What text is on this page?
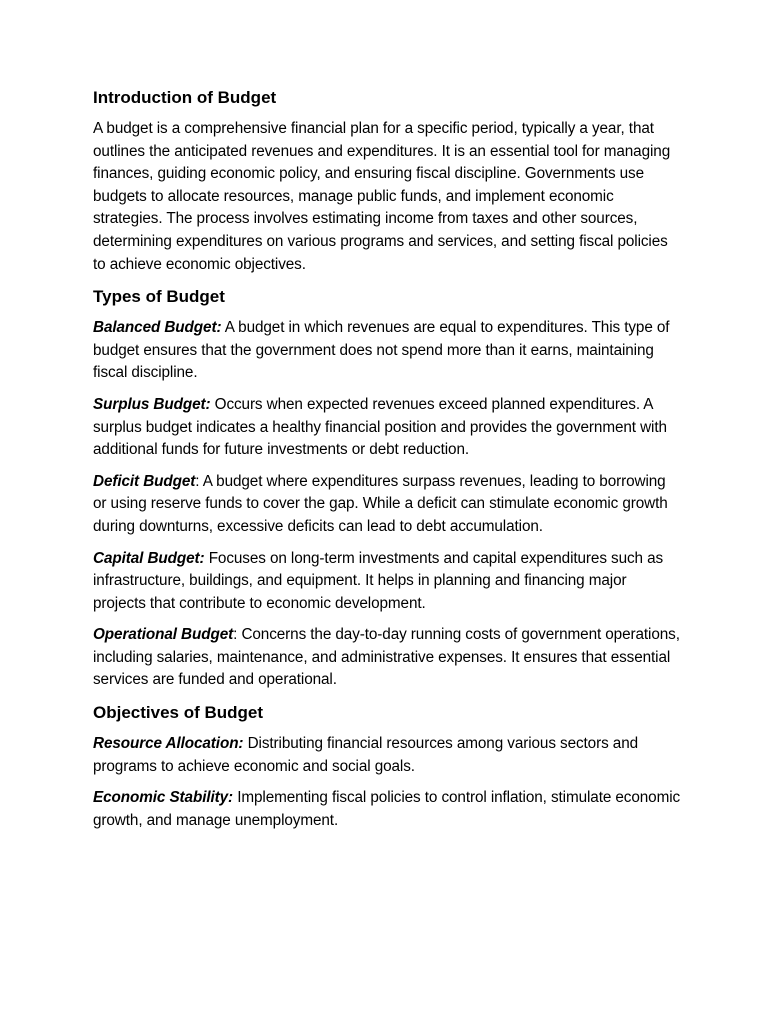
Introduction of Budget

A budget is a comprehensive financial plan for a specific period, typically a year, that outlines the anticipated revenues and expenditures. It is an essential tool for managing finances, guiding economic policy, and ensuring fiscal discipline. Governments use budgets to allocate resources, manage public funds, and implement economic strategies. The process involves estimating income from taxes and other sources, determining expenditures on various programs and services, and setting fiscal policies to achieve economic objectives.

Types of Budget

Balanced Budget: A budget in which revenues are equal to expenditures. This type of budget ensures that the government does not spend more than it earns, maintaining fiscal discipline.

Surplus Budget: Occurs when expected revenues exceed planned expenditures. A surplus budget indicates a healthy financial position and provides the government with additional funds for future investments or debt reduction.

Deficit Budget: A budget where expenditures surpass revenues, leading to borrowing or using reserve funds to cover the gap. While a deficit can stimulate economic growth during downturns, excessive deficits can lead to debt accumulation.

Capital Budget: Focuses on long-term investments and capital expenditures such as infrastructure, buildings, and equipment. It helps in planning and financing major projects that contribute to economic development.

Operational Budget: Concerns the day-to-day running costs of government operations, including salaries, maintenance, and administrative expenses. It ensures that essential services are funded and operational.

Objectives of Budget

Resource Allocation: Distributing financial resources among various sectors and programs to achieve economic and social goals.

Economic Stability: Implementing fiscal policies to control inflation, stimulate economic growth, and manage unemployment.
